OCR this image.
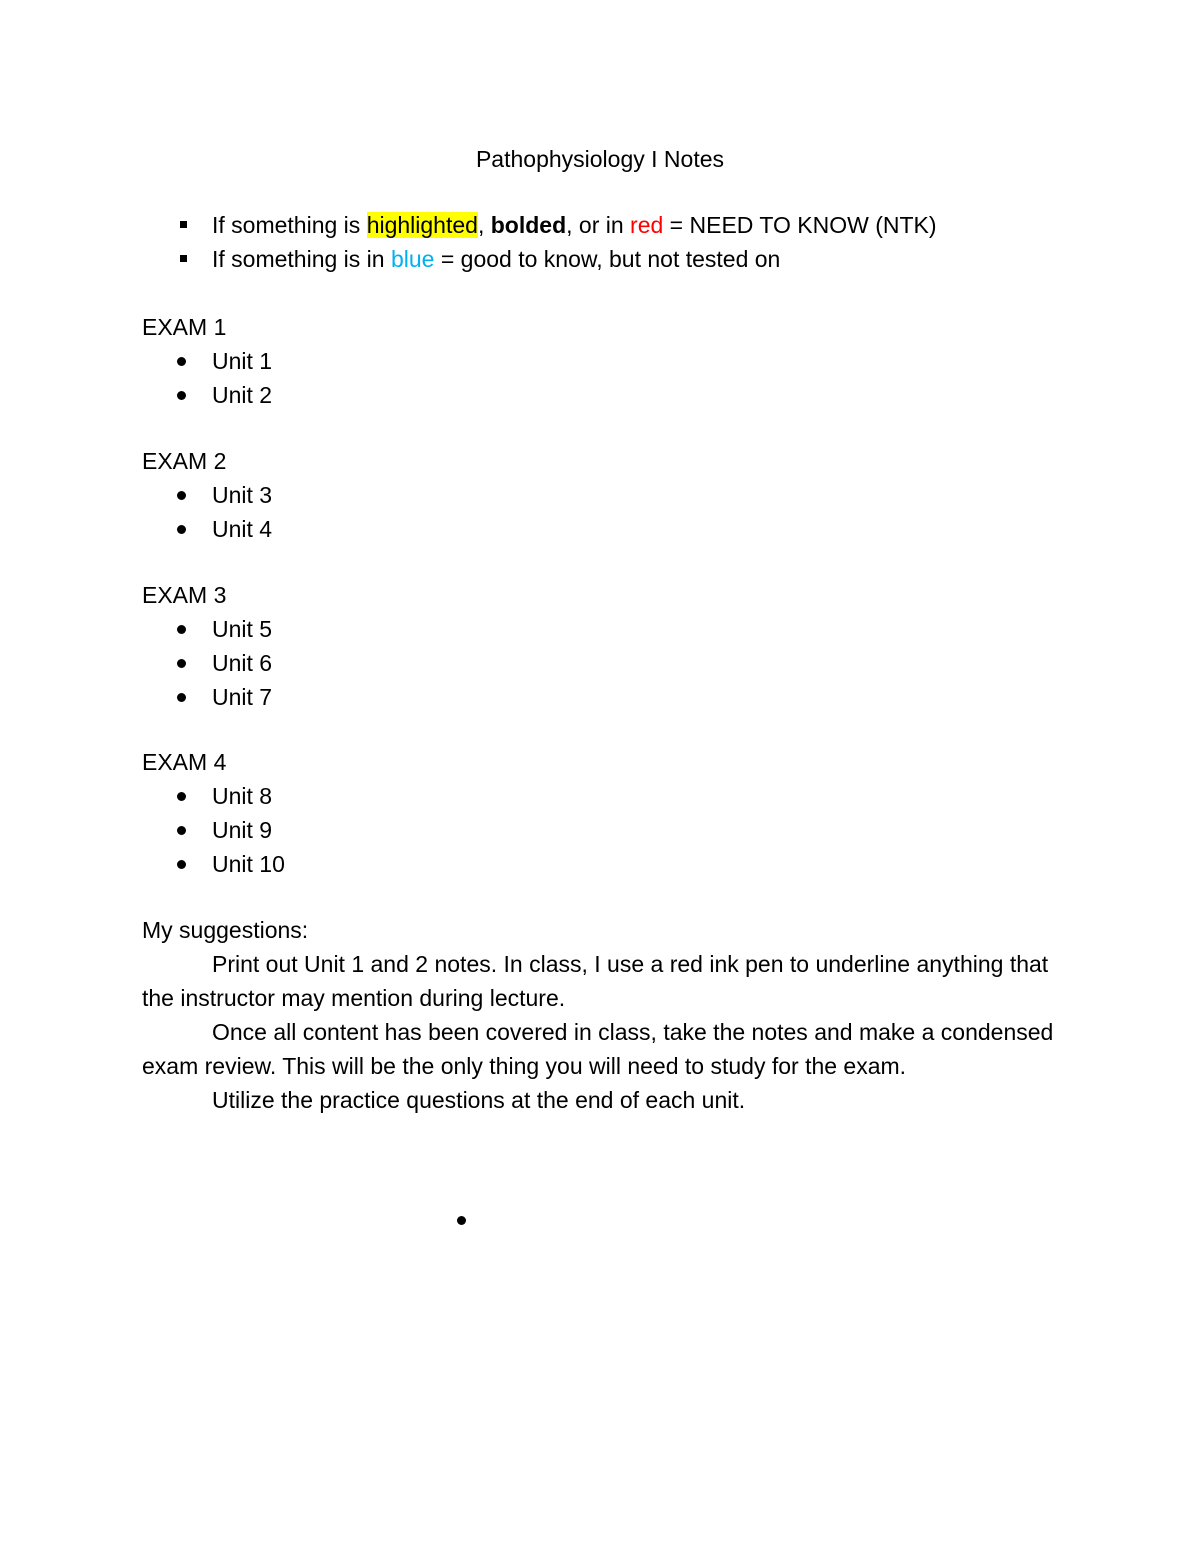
Pathophysiology I Notes
If something is highlighted, bolded, or in red = NEED TO KNOW (NTK)
If something is in blue = good to know, but not tested on
EXAM 1
Unit 1
Unit 2
EXAM 2
Unit 3
Unit 4
EXAM 3
Unit 5
Unit 6
Unit 7
EXAM 4
Unit 8
Unit 9
Unit 10

My suggestions:

Print out Unit 1 and 2 notes. In class, I use a red ink pen to underline anything that the instructor may mention during lecture.

Once all content has been covered in class, take the notes and make a condensed exam review. This will be the only thing you will need to study for the exam.

Utilize the practice questions at the end of each unit.
